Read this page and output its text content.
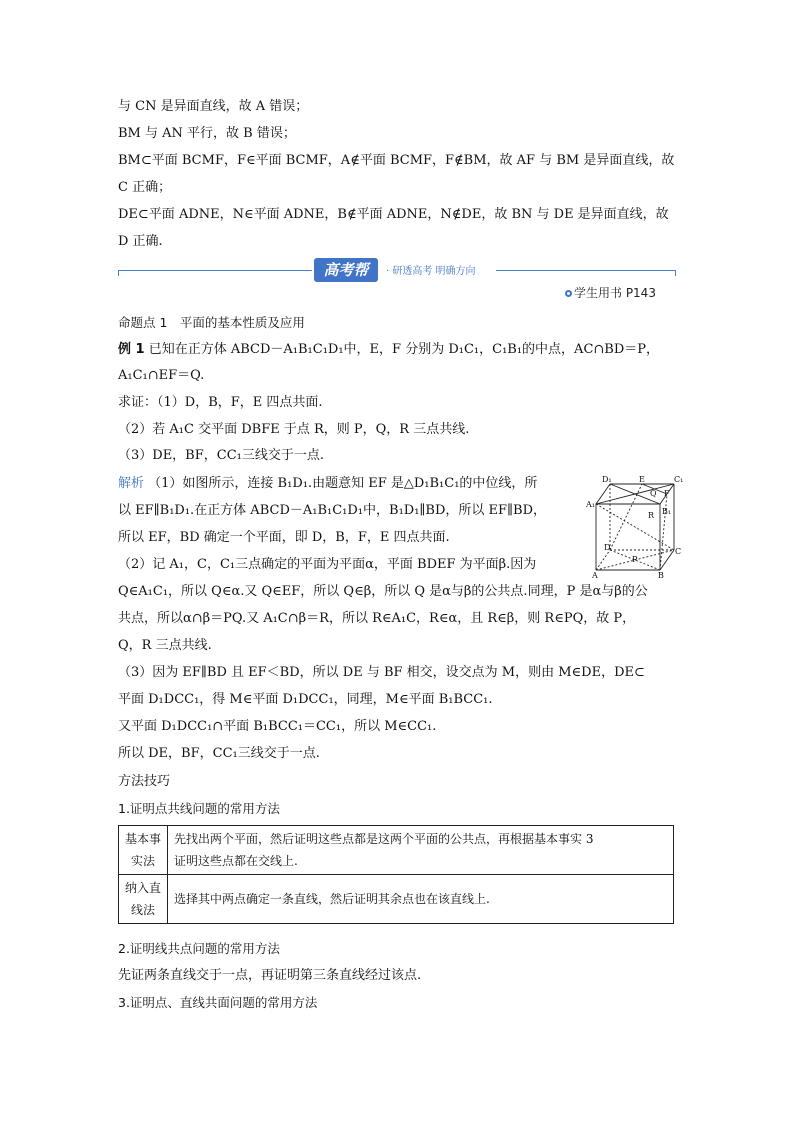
与 CN 是异面直线，故 A 错误；
BM 与 AN 平行，故 B 错误；
BM⊂平面 BCMF，F∈平面 BCMF，A∉平面 BCMF，F∉BM，故 AF 与 BM 是异面直线，故
C 正确；
DE⊂平面 ADNE，N∈平面 ADNE，B∉平面 ADNE，N∉DE，故 BN 与 DE 是异面直线，故
D 正确.
高考帮	· 研透高考 明确方向
学生用书 P143
命题点 1　平面的基本性质及应用
例 1 已知在正方体 ABCD－A₁B₁C₁D₁中，E，F 分别为 D₁C₁，C₁B₁的中点，AC∩BD＝P，
A₁C₁∩EF＝Q.
求证：（1）D，B，F，E 四点共面.
（2）若 A₁C 交平面 DBFE 于点 R，则 P，Q，R 三点共线.
（3）DE，BF，CC₁三线交于一点.
解析 （1）如图所示，连接 B₁D₁.由题意知 EF 是△D₁B₁C₁的中位线，所
以 EF∥B₁D₁.在正方体 ABCD－A₁B₁C₁D₁中，B₁D₁∥BD，所以 EF∥BD，
所以 EF，BD 确定一个平面，即 D，B，F，E 四点共面.
（2）记 A₁，C，C₁三点确定的平面为平面α，平面 BDEF 为平面β.因为
Q∈A₁C₁，所以 Q∈α.又 Q∈EF，所以 Q∈β，所以 Q 是α与β的公共点.同理，P 是α与β的公
共点，所以α∩β＝PQ.又 A₁C∩β＝R，所以 R∈A₁C，R∈α，且 R∈β，则 R∈PQ，故 P，
Q，R 三点共线.
（3）因为 EF∥BD 且 EF＜BD，所以 DE 与 BF 相交，设交点为 M，则由 M∈DE，DE⊂
平面 D₁DCC₁，得 M∈平面 D₁DCC₁，同理，M∈平面 B₁BCC₁.
又平面 D₁DCC₁∩平面 B₁BCC₁＝CC₁，所以 M∈CC₁.
所以 DE，BF，CC₁三线交于一点.
方法技巧
1.证明点共线问题的常用方法
基本事实法	先找出两个平面，然后证明这些点都是这两个平面的公共点，再根据基本事实 3
证明这些点都在交线上.

纳入直线法	选择其中两点确定一条直线，然后证明其余点也在该直线上.
2.证明线共点问题的常用方法
先证两条直线交于一点，再证明第三条直线经过该点.
3.证明点、直线共面问题的常用方法
D₁	C₁
E
A₁
B₁
F
Q
R
D	C
P
A	B
